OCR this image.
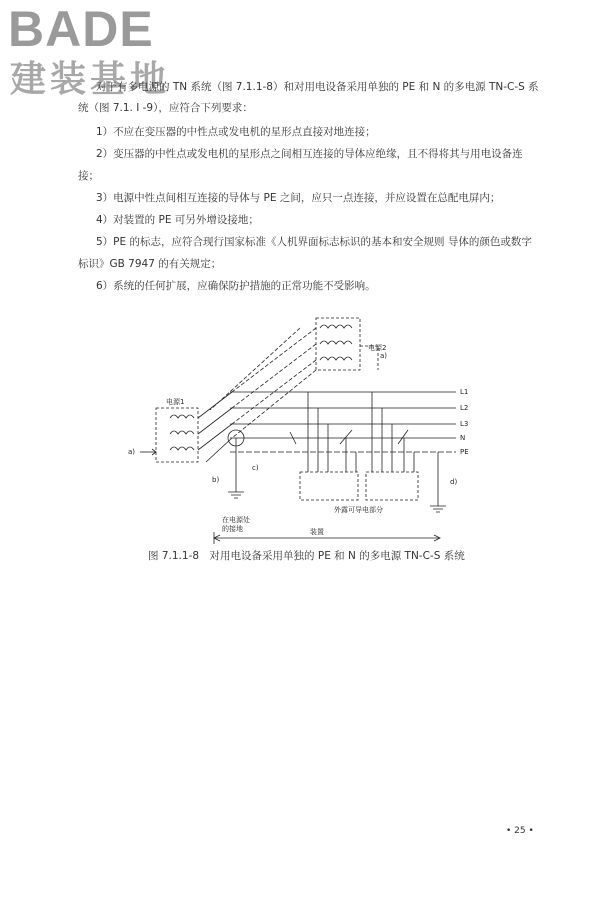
BADE
建装基地
对于有多电源的 TN 系统（图 7.1.1-8）和对用电设备采用单独的 PE 和 N 的多电源 TN-C-S 系
统（图 7.1. I -9），应符合下列要求：
1）不应在变压器的中性点或发电机的星形点直接对地连接；
2）变压器的中性点或发电机的星形点之间相互连接的导体应绝缘，且不得将其与用电设备连
接；
3）电源中性点间相互连接的导体与 PE 之间，应只一点连接，并应设置在总配电屏内；
4）对装置的 PE 可另外增设接地；
5）PE 的标志，应符合现行国家标准《人机界面标志标识的基本和安全规则 导体的颜色或数字
标识》GB 7947 的有关规定；
6）系统的任何扩展，应确保防护措施的正常功能不受影响。
电源2
a)
电源1
a)
b)
c)
d)
L1
L2
L3
N
PE
外露可导电部分
在电源处
的接地	装置
图 7.1.1-8　对用电设备采用单独的 PE 和 N 的多电源 TN-C-S 系统
• 25 •
